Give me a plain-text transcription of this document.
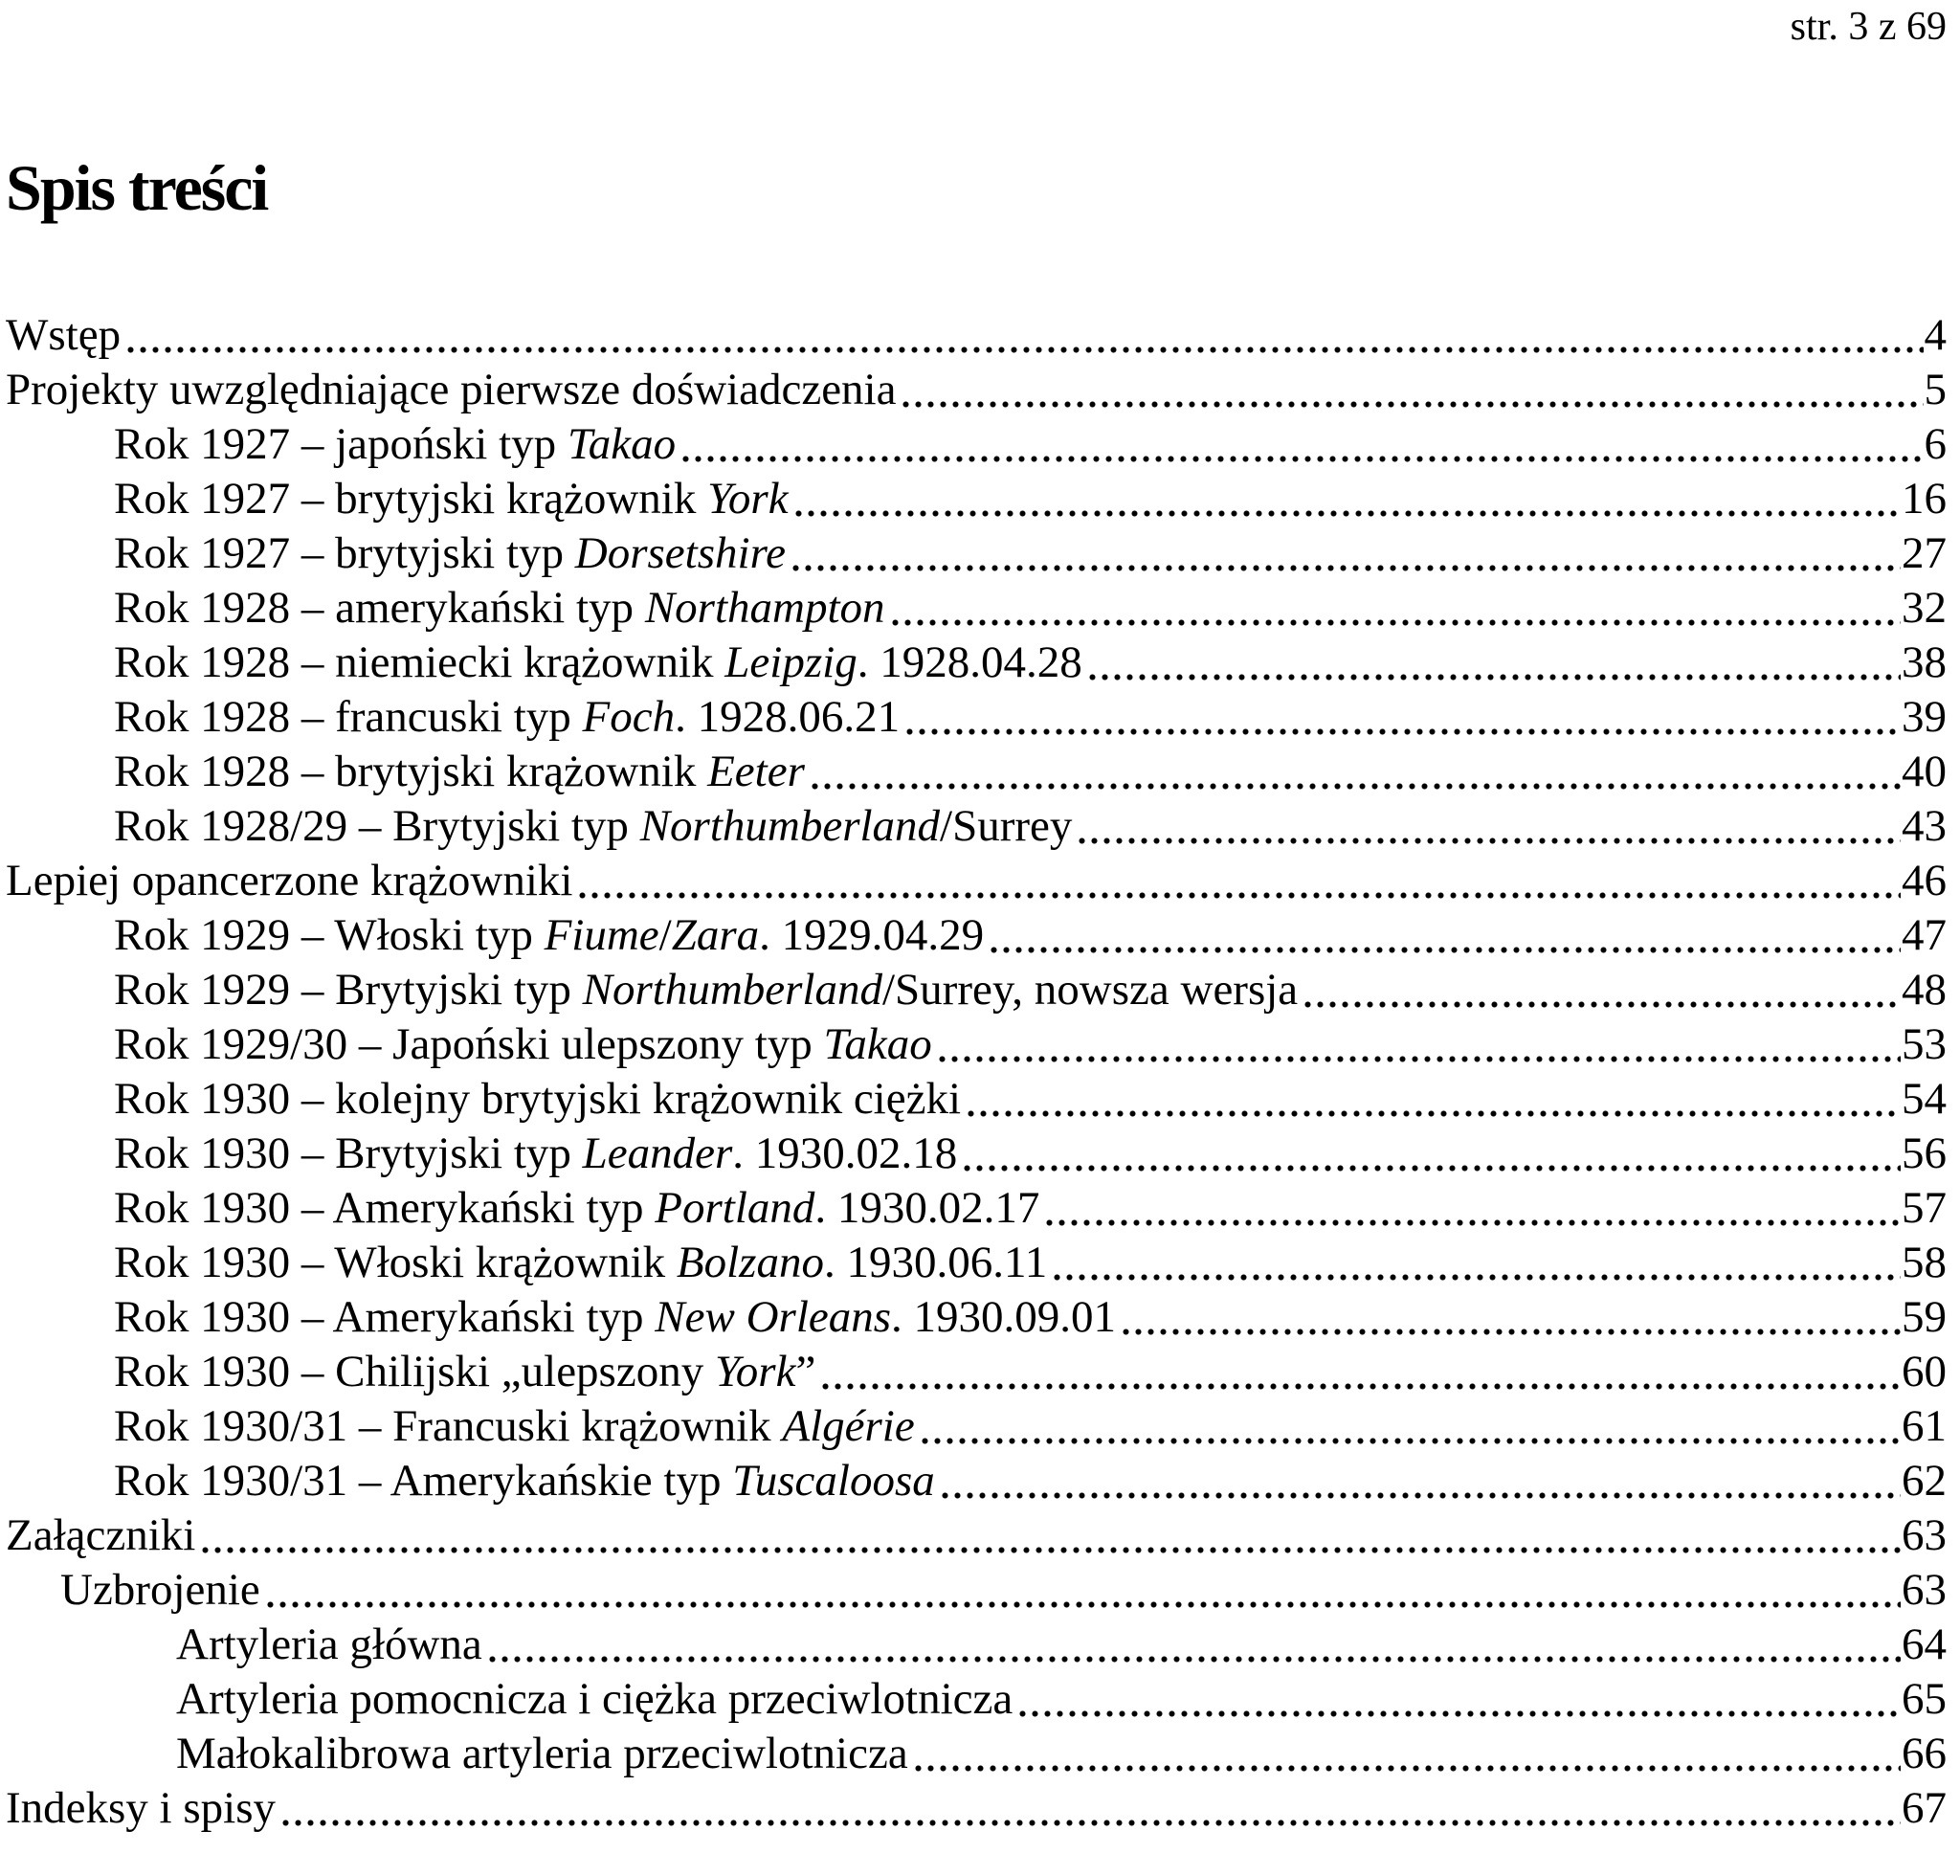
str. 3 z 69
Spis treści
Wstęp	4
Projekty uwzględniające pierwsze doświadczenia	5
Rok 1927 – japoński typ Takao	6
Rok 1927 – brytyjski krążownik York	16
Rok 1927 – brytyjski typ Dorsetshire	27
Rok 1928 – amerykański typ Northampton	32
Rok 1928 – niemiecki krążownik Leipzig. 1928.04.28	38
Rok 1928 – francuski typ Foch. 1928.06.21	39
Rok 1928 – brytyjski krążownik Eeter	40
Rok 1928/29 – Brytyjski typ Northumberland/Surrey	43
Lepiej opancerzone krążowniki	46
Rok 1929 – Włoski typ Fiume/Zara. 1929.04.29	47
Rok 1929 – Brytyjski typ Northumberland/Surrey, nowsza wersja	48
Rok 1929/30 – Japoński ulepszony typ Takao	53
Rok 1930 – kolejny brytyjski krążownik ciężki	54
Rok 1930 – Brytyjski typ Leander. 1930.02.18	56
Rok 1930 – Amerykański typ Portland. 1930.02.17	57
Rok 1930 – Włoski krążownik Bolzano. 1930.06.11	58
Rok 1930 – Amerykański typ New Orleans. 1930.09.01	59
Rok 1930 – Chilijski „ulepszony York”	60
Rok 1930/31 – Francuski krążownik Algérie	61
Rok 1930/31 – Amerykańskie typ Tuscaloosa	62
Załączniki	63
Uzbrojenie	63
Artyleria główna	64
Artyleria pomocnicza i ciężka przeciwlotnicza	65
Małokalibrowa artyleria przeciwlotnicza	66
Indeksy i spisy	67
